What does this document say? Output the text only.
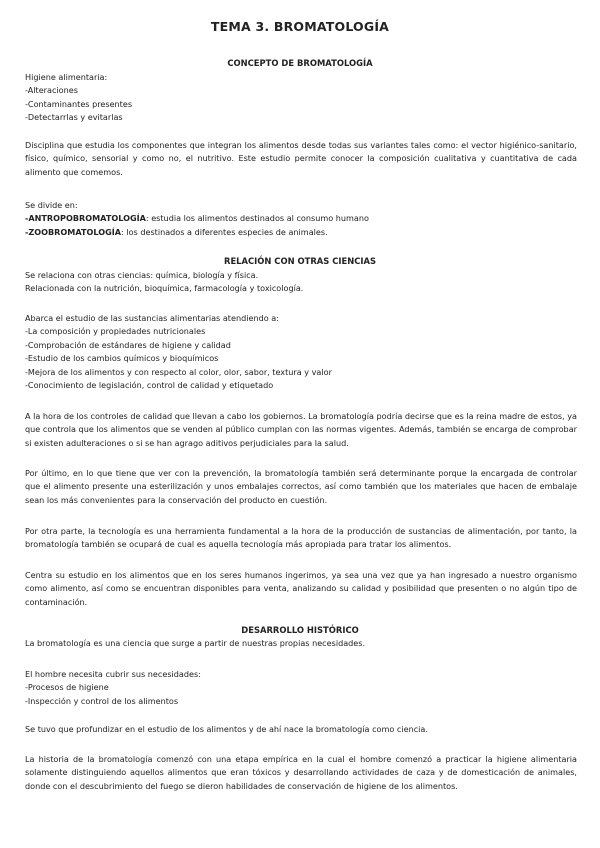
TEMA 3. BROMATOLOGÍA
CONCEPTO DE BROMATOLOGÍA

Higiene alimentaria:

-Alteraciones

-Contaminantes presentes

-Detectarrlas y evitarlas

Disciplina que estudia los componentes que integran los alimentos desde todas sus variantes tales como: el vector higiénico-sanitario, físico, químico, sensorial y como no, el nutritivo. Este estudio permite conocer la composición cualitativa y cuantitativa de cada alimento que comemos.

Se divide en:

-ANTROPOBROMATOLOGÍA: estudia los alimentos destinados al consumo humano

-ZOOBROMATOLOGÍA: los destinados a diferentes especies de animales.

RELACIÓN CON OTRAS CIENCIAS

Se relaciona con otras ciencias: química, biología y física.

Relacionada con la nutrición, bioquímica, farmacología y toxicología.

Abarca el estudio de las sustancias alimentarias atendiendo a:

-La composición y propiedades nutricionales

-Comprobación de estándares de higiene y calidad

-Estudio de los cambios químicos y bioquímicos

-Mejora de los alimentos y con respecto al color, olor, sabor, textura y valor

-Conocimiento de legislación, control de calidad y etiquetado

A la hora de los controles de calidad que llevan a cabo los gobiernos. La bromatología podría decirse que es la reina madre de estos, ya que controla que los alimentos que se venden al público cumplan con las normas vigentes. Además, también se encarga de comprobar si existen adulteraciones o si se han agrago aditivos perjudiciales para la salud.
Por último, en lo que tiene que ver con la prevención, la bromatología también será determinante porque la encargada de controlar que el alimento presente una esterilización y unos embalajes correctos, así como también que los materiales que hacen de embalaje sean los más convenientes para la conservación del producto en cuestión.
Por otra parte, la tecnología es una herramienta fundamental a la hora de la producción de sustancias de alimentación, por tanto, la bromatología también se ocupará de cual es aquella tecnología más apropiada para tratar los alimentos.
Centra su estudio en los alimentos que en los seres humanos ingerimos, ya sea una vez que ya han ingresado a nuestro organismo como alimento, así como se encuentran disponibles para venta, analizando su calidad y posibilidad que presenten o no algún tipo de contaminación.
DESARROLLO HISTÓRICO
La bromatología es una ciencia que surge a partir de nuestras propias necesidades.

El hombre necesita cubrir sus necesidades:

-Procesos de higiene

-Inspección y control de los alimentos

Se tuvo que profundizar en el estudio de los alimentos y de ahí nace la bromatología como ciencia.
La historia de la bromatología comenzó con una etapa empírica en la cual el hombre comenzó a practicar la higiene alimentaria solamente distinguiendo aquellos alimentos que eran tóxicos y desarrollando actividades de caza y de domesticación de animales, donde con el descubrimiento del fuego se dieron habilidades de conservación de higiene de los alimentos.
